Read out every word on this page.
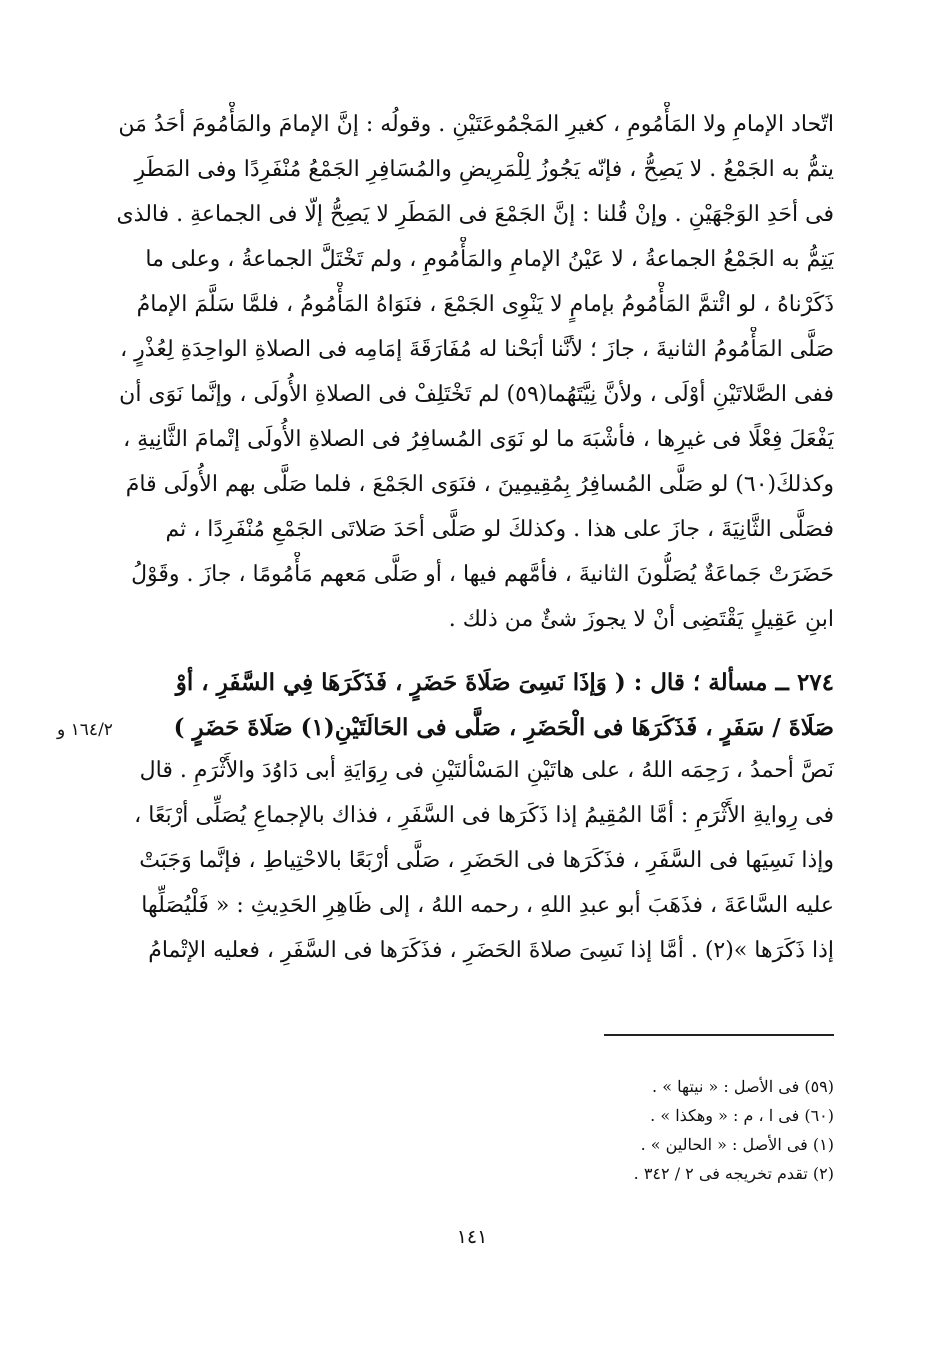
اتّحاد الإمامِ ولا المَأْمُومِ ، كغيرِ المَجْمُوعَتَيْنِ . وقولُه : إنَّ الإمامَ والمَأْمُومَ أحَدُ مَن
يتمُّ به الجَمْعُ . لا يَصِحُّ ، فإنّه يَجُوزُ لِلْمَرِيضِ والمُسَافِرِ الجَمْعُ مُنْفَرِدًا وفى المَطَرِ
فى أحَدِ الوَجْهَيْنِ . وإنْ قُلنا : إنَّ الجَمْعَ فى المَطَرِ لا يَصِحُّ إلّا فى الجماعةِ . فالذى
يَتِمُّ به الجَمْعُ الجماعةُ ، لا عَيْنُ الإمامِ والمَأْمُومِ ، ولم تَخْتَلَّ الجماعةُ ، وعلى ما
ذَكَرْناهُ ، لو ائْتمَّ المَأْمُومُ بإمامٍ لا يَنْوِى الجَمْعَ ، فنَوَاهُ المَأْمُومُ ، فلمَّا سَلَّمَ الإمامُ
صَلَّى المَأْمُومُ الثانيةَ ، جازَ ؛ لأنَّنا أبَحْنا له مُفَارَقَةَ إمَامِه فى الصلاةِ الواحِدَةِ لِعُذْرٍ ،
ففى الصَّلاتَيْنِ أوْلَى ، ولأنَّ نِيَّتَهُما(٥٩) لم تَخْتَلِفْ فى الصلاةِ الأُولَى ، وإنَّما نَوَى أن
يَفْعَلَ فِعْلًا فى غيرِها ، فأشْبَهَ ما لو نَوَى المُسافِرُ فى الصلاةِ الأُولَى إتْمامَ الثَّانِيةِ ،
وكذلكَ(٦٠) لو صَلَّى المُسافِرُ بِمُقِيمِينَ ، فنَوَى الجَمْعَ ، فلما صَلَّى بهم الأُولَى قامَ
فصَلَّى الثَّانِيَةَ ، جازَ على هذا . وكذلكَ لو صَلَّى أحَدَ صَلاتَى الجَمْعِ مُنْفَرِدًا ، ثم
حَضَرَتْ جَماعَةٌ يُصَلُّونَ الثانيةَ ، فأمَّهم فيها ، أو صَلَّى مَعهم مَأْمُومًا ، جازَ . وقَوْلُ
ابنِ عَقِيلٍ يَقْتَضِى أنْ لا يجوزَ شئٌ من ذلك .
٢٧٤ ــ مسألة ؛ قال : ( وَإذَا نَسِىَ صَلَاةَ حَضَرٍ ، فَذَكَرَهَا فِي السَّفَرِ ، أوْ
صَلَاةَ / سَفَرٍ ، فَذَكَرَهَا فى الْحَضَرِ ، صَلَّى فى الحَالَتَيْنِ(١) صَلَاةَ حَضَرٍ )
١٦٤/٢ و
نَصَّ أحمدُ ، رَحِمَه اللهُ ، على هاتَيْنِ المَسْألتَيْنِ فى رِوَايَةِ أبى دَاوُدَ والأَثْرَمِ . قال
فى رِوايةِ الأَثْرَمِ : أمَّا المُقِيمُ إذا ذَكَرَها فى السَّفَرِ ، فذاك بالإجماعِ يُصَلِّى أرْبَعًا ،
وإذا نَسِيَها فى السَّفَرِ ، فذَكَرَها فى الحَضَرِ ، صَلَّى أرْبَعًا بالاحْتِياطِ ، فإنَّما وَجَبَتْ
عليه السَّاعَةَ ، فذَهَبَ أبو عبدِ اللهِ ، رحمه اللهُ ، إلى ظَاهِرِ الحَدِيثِ : « فَلْيُصَلِّها
إذا ذَكَرَها »(٢) . أمَّا إذا نَسِىَ صلاةَ الحَضَرِ ، فذَكَرَها فى السَّفَرِ ، فعليه الإتْمامُ
(٥٩) فى الأصل : « نيتها » .
(٦٠) فى ا ، م : « وهكذا » .
(١) فى الأصل : « الحالين » .
(٢) تقدم تخريجه فى ٢ / ٣٤٢ .
١٤١
